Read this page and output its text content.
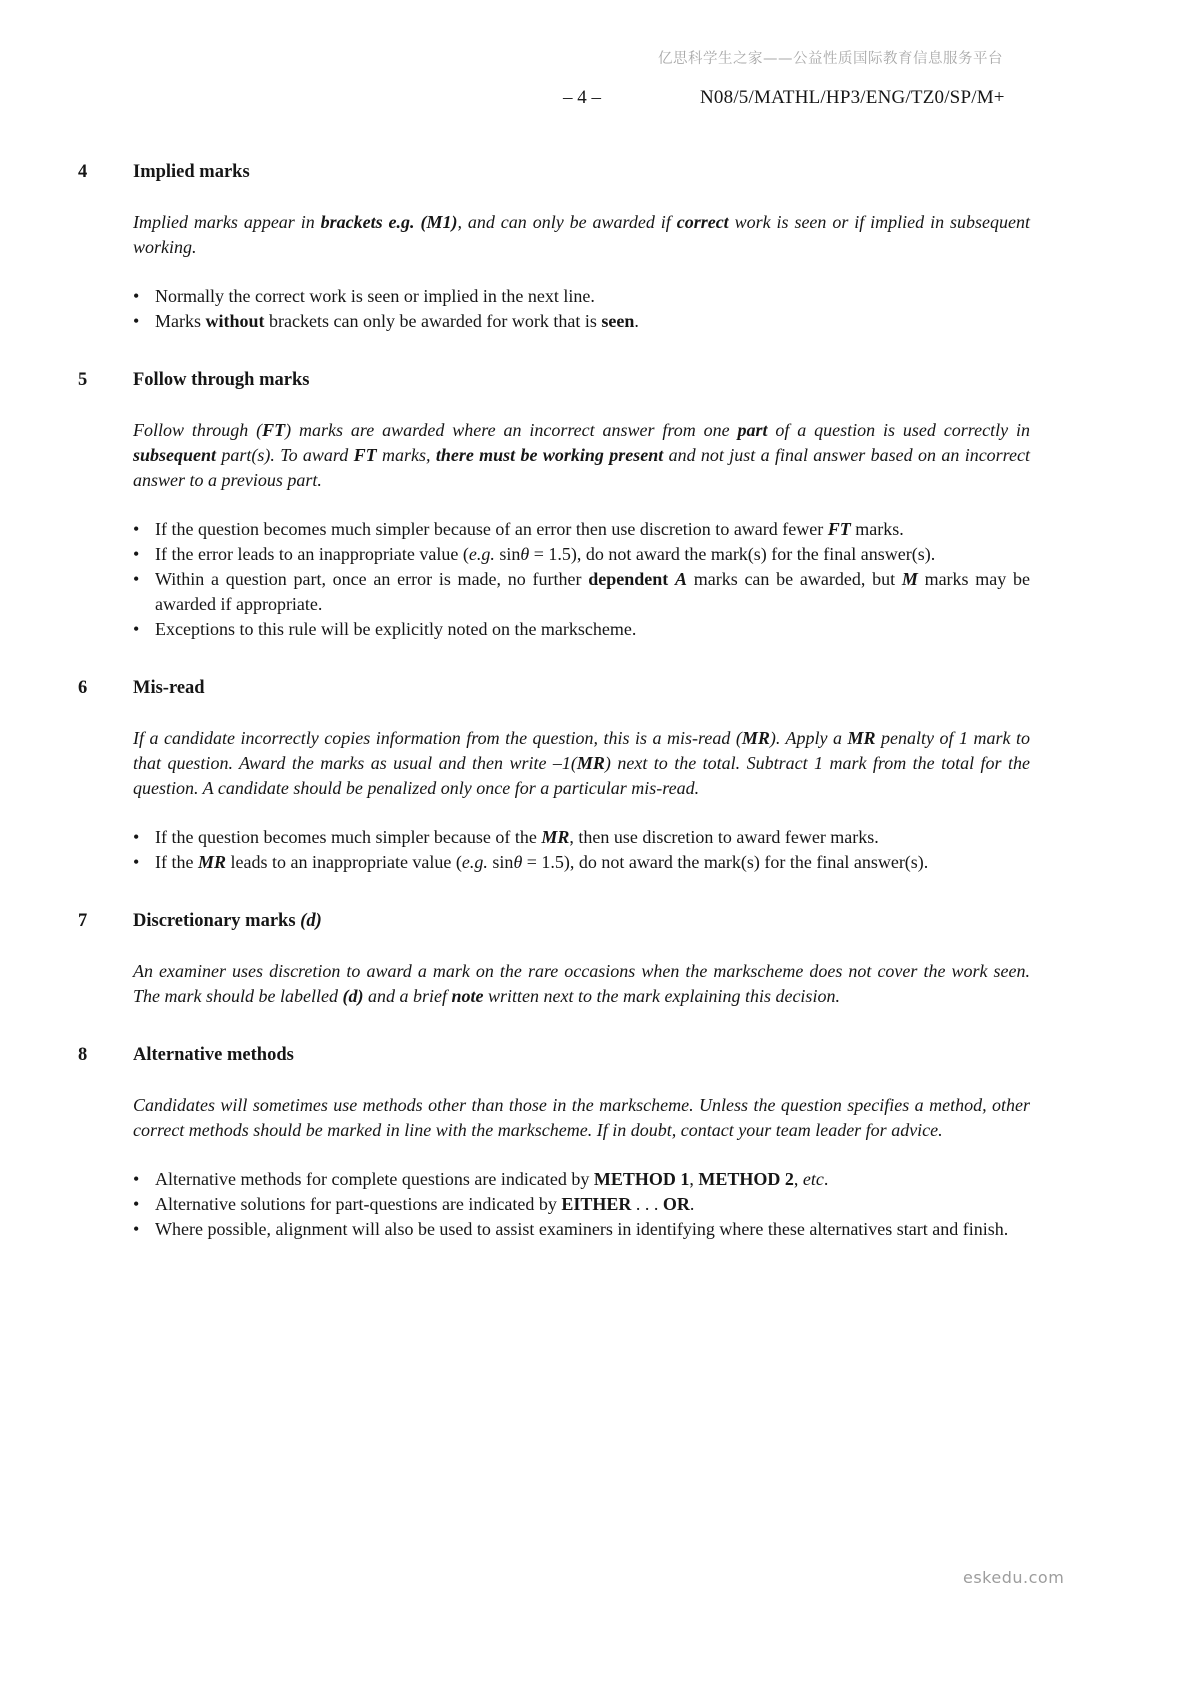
亿思科学生之家——公益性质国际教育信息服务平台
– 4 –	N08/5/MATHL/HP3/ENG/TZ0/SP/M+
4	Implied marks

Implied marks appear in brackets e.g. (M1), and can only be awarded if correct work is seen or if implied in subsequent working.

• Normally the correct work is seen or implied in the next line.
• Marks without brackets can only be awarded for work that is seen.
5	Follow through marks

Follow through (FT) marks are awarded where an incorrect answer from one part of a question is used correctly in subsequent part(s). To award FT marks, there must be working present and not just a final answer based on an incorrect answer to a previous part.

• If the question becomes much simpler because of an error then use discretion to award fewer FT marks.
• If the error leads to an inappropriate value (e.g. sinθ = 1.5), do not award the mark(s) for the final answer(s).
• Within a question part, once an error is made, no further dependent A marks can be awarded, but M marks may be awarded if appropriate.
• Exceptions to this rule will be explicitly noted on the markscheme.
6	Mis-read

If a candidate incorrectly copies information from the question, this is a mis-read (MR). Apply a MR penalty of 1 mark to that question. Award the marks as usual and then write –1(MR) next to the total. Subtract 1 mark from the total for the question. A candidate should be penalized only once for a particular mis-read.

• If the question becomes much simpler because of the MR, then use discretion to award fewer marks.
• If the MR leads to an inappropriate value (e.g. sinθ = 1.5), do not award the mark(s) for the final answer(s).
7	Discretionary marks (d)

An examiner uses discretion to award a mark on the rare occasions when the markscheme does not cover the work seen. The mark should be labelled (d) and a brief note written next to the mark explaining this decision.

8	Alternative methods

Candidates will sometimes use methods other than those in the markscheme. Unless the question specifies a method, other correct methods should be marked in line with the markscheme. If in doubt, contact your team leader for advice.

• Alternative methods for complete questions are indicated by METHOD 1, METHOD 2, etc.
• Alternative solutions for part-questions are indicated by EITHER . . . OR.
• Where possible, alignment will also be used to assist examiners in identifying where these alternatives start and finish.
eskedu.com
